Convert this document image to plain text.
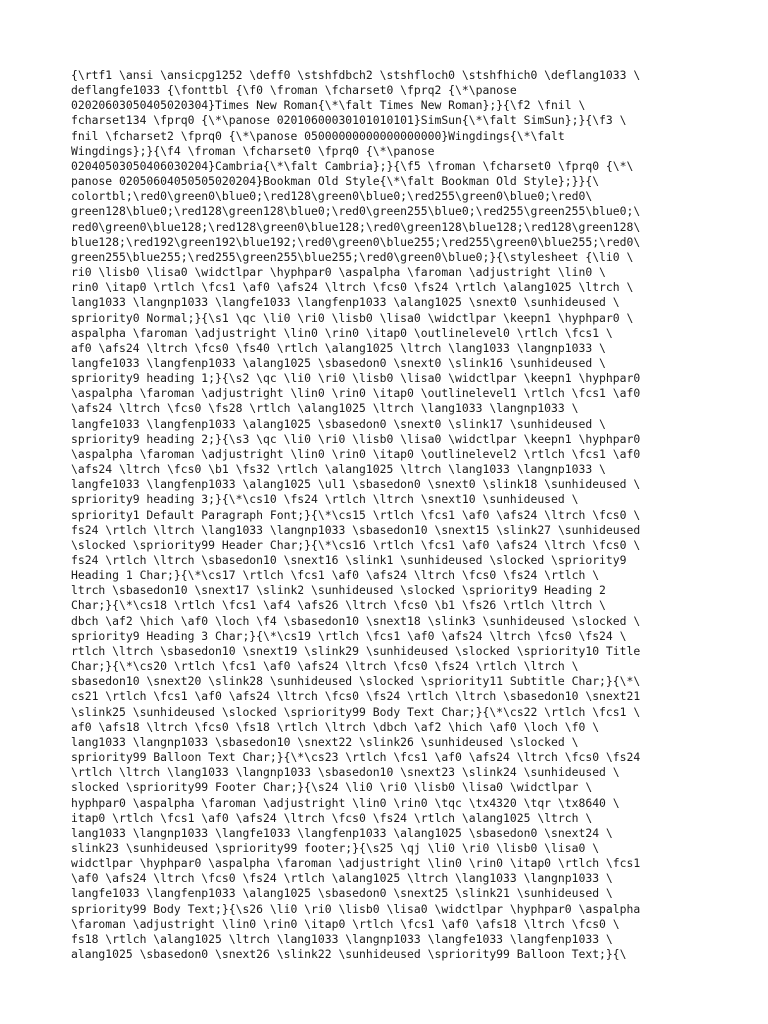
{\rtf1 \ansi \ansicpg1252 \deff0 \stshfdbch2 \stshfloch0 \stshfhich0 \deflang1033 \
deflangfe1033 {\fonttbl {\f0 \froman \fcharset0 \fprq2 {\*\panose
02020603050405020304}Times New Roman{\*\falt Times New Roman};}{\f2 \fnil \
fcharset134 \fprq0 {\*\panose 02010600030101010101}SimSun{\*\falt SimSun};}{\f3 \
fnil \fcharset2 \fprq0 {\*\panose 05000000000000000000}Wingdings{\*\falt
Wingdings};}{\f4 \froman \fcharset0 \fprq0 {\*\panose
02040503050406030204}Cambria{\*\falt Cambria};}{\f5 \froman \fcharset0 \fprq0 {\*\
panose 02050604050505020204}Bookman Old Style{\*\falt Bookman Old Style};}}{\
colortbl;\red0\green0\blue0;\red128\green0\blue0;\red255\green0\blue0;\red0\
green128\blue0;\red128\green128\blue0;\red0\green255\blue0;\red255\green255\blue0;\
red0\green0\blue128;\red128\green0\blue128;\red0\green128\blue128;\red128\green128\
blue128;\red192\green192\blue192;\red0\green0\blue255;\red255\green0\blue255;\red0\
green255\blue255;\red255\green255\blue255;\red0\green0\blue0;}{\stylesheet {\li0 \
ri0 \lisb0 \lisa0 \widctlpar \hyphpar0 \aspalpha \faroman \adjustright \lin0 \
rin0 \itap0 \rtlch \fcs1 \af0 \afs24 \ltrch \fcs0 \fs24 \rtlch \alang1025 \ltrch \
lang1033 \langnp1033 \langfe1033 \langfenp1033 \alang1025 \snext0 \sunhideused \
spriority0 Normal;}{\s1 \qc \li0 \ri0 \lisb0 \lisa0 \widctlpar \keepn1 \hyphpar0 \
aspalpha \faroman \adjustright \lin0 \rin0 \itap0 \outlinelevel0 \rtlch \fcs1 \
af0 \afs24 \ltrch \fcs0 \fs40 \rtlch \alang1025 \ltrch \lang1033 \langnp1033 \
langfe1033 \langfenp1033 \alang1025 \sbasedon0 \snext0 \slink16 \sunhideused \
spriority9 heading 1;}{\s2 \qc \li0 \ri0 \lisb0 \lisa0 \widctlpar \keepn1 \hyphpar0
\aspalpha \faroman \adjustright \lin0 \rin0 \itap0 \outlinelevel1 \rtlch \fcs1 \af0
\afs24 \ltrch \fcs0 \fs28 \rtlch \alang1025 \ltrch \lang1033 \langnp1033 \
langfe1033 \langfenp1033 \alang1025 \sbasedon0 \snext0 \slink17 \sunhideused \
spriority9 heading 2;}{\s3 \qc \li0 \ri0 \lisb0 \lisa0 \widctlpar \keepn1 \hyphpar0
\aspalpha \faroman \adjustright \lin0 \rin0 \itap0 \outlinelevel2 \rtlch \fcs1 \af0
\afs24 \ltrch \fcs0 \b1 \fs32 \rtlch \alang1025 \ltrch \lang1033 \langnp1033 \
langfe1033 \langfenp1033 \alang1025 \ul1 \sbasedon0 \snext0 \slink18 \sunhideused \
spriority9 heading 3;}{\*\cs10 \fs24 \rtlch \ltrch \snext10 \sunhideused \
spriority1 Default Paragraph Font;}{\*\cs15 \rtlch \fcs1 \af0 \afs24 \ltrch \fcs0 \
fs24 \rtlch \ltrch \lang1033 \langnp1033 \sbasedon10 \snext15 \slink27 \sunhideused
\slocked \spriority99 Header Char;}{\*\cs16 \rtlch \fcs1 \af0 \afs24 \ltrch \fcs0 \
fs24 \rtlch \ltrch \sbasedon10 \snext16 \slink1 \sunhideused \slocked \spriority9
Heading 1 Char;}{\*\cs17 \rtlch \fcs1 \af0 \afs24 \ltrch \fcs0 \fs24 \rtlch \
ltrch \sbasedon10 \snext17 \slink2 \sunhideused \slocked \spriority9 Heading 2
Char;}{\*\cs18 \rtlch \fcs1 \af4 \afs26 \ltrch \fcs0 \b1 \fs26 \rtlch \ltrch \
dbch \af2 \hich \af0 \loch \f4 \sbasedon10 \snext18 \slink3 \sunhideused \slocked \
spriority9 Heading 3 Char;}{\*\cs19 \rtlch \fcs1 \af0 \afs24 \ltrch \fcs0 \fs24 \
rtlch \ltrch \sbasedon10 \snext19 \slink29 \sunhideused \slocked \spriority10 Title
Char;}{\*\cs20 \rtlch \fcs1 \af0 \afs24 \ltrch \fcs0 \fs24 \rtlch \ltrch \
sbasedon10 \snext20 \slink28 \sunhideused \slocked \spriority11 Subtitle Char;}{\*\
cs21 \rtlch \fcs1 \af0 \afs24 \ltrch \fcs0 \fs24 \rtlch \ltrch \sbasedon10 \snext21
\slink25 \sunhideused \slocked \spriority99 Body Text Char;}{\*\cs22 \rtlch \fcs1 \
af0 \afs18 \ltrch \fcs0 \fs18 \rtlch \ltrch \dbch \af2 \hich \af0 \loch \f0 \
lang1033 \langnp1033 \sbasedon10 \snext22 \slink26 \sunhideused \slocked \
spriority99 Balloon Text Char;}{\*\cs23 \rtlch \fcs1 \af0 \afs24 \ltrch \fcs0 \fs24
\rtlch \ltrch \lang1033 \langnp1033 \sbasedon10 \snext23 \slink24 \sunhideused \
slocked \spriority99 Footer Char;}{\s24 \li0 \ri0 \lisb0 \lisa0 \widctlpar \
hyphpar0 \aspalpha \faroman \adjustright \lin0 \rin0 \tqc \tx4320 \tqr \tx8640 \
itap0 \rtlch \fcs1 \af0 \afs24 \ltrch \fcs0 \fs24 \rtlch \alang1025 \ltrch \
lang1033 \langnp1033 \langfe1033 \langfenp1033 \alang1025 \sbasedon0 \snext24 \
slink23 \sunhideused \spriority99 footer;}{\s25 \qj \li0 \ri0 \lisb0 \lisa0 \
widctlpar \hyphpar0 \aspalpha \faroman \adjustright \lin0 \rin0 \itap0 \rtlch \fcs1
\af0 \afs24 \ltrch \fcs0 \fs24 \rtlch \alang1025 \ltrch \lang1033 \langnp1033 \
langfe1033 \langfenp1033 \alang1025 \sbasedon0 \snext25 \slink21 \sunhideused \
spriority99 Body Text;}{\s26 \li0 \ri0 \lisb0 \lisa0 \widctlpar \hyphpar0 \aspalpha
\faroman \adjustright \lin0 \rin0 \itap0 \rtlch \fcs1 \af0 \afs18 \ltrch \fcs0 \
fs18 \rtlch \alang1025 \ltrch \lang1033 \langnp1033 \langfe1033 \langfenp1033 \
alang1025 \sbasedon0 \snext26 \slink22 \sunhideused \spriority99 Balloon Text;}{\
